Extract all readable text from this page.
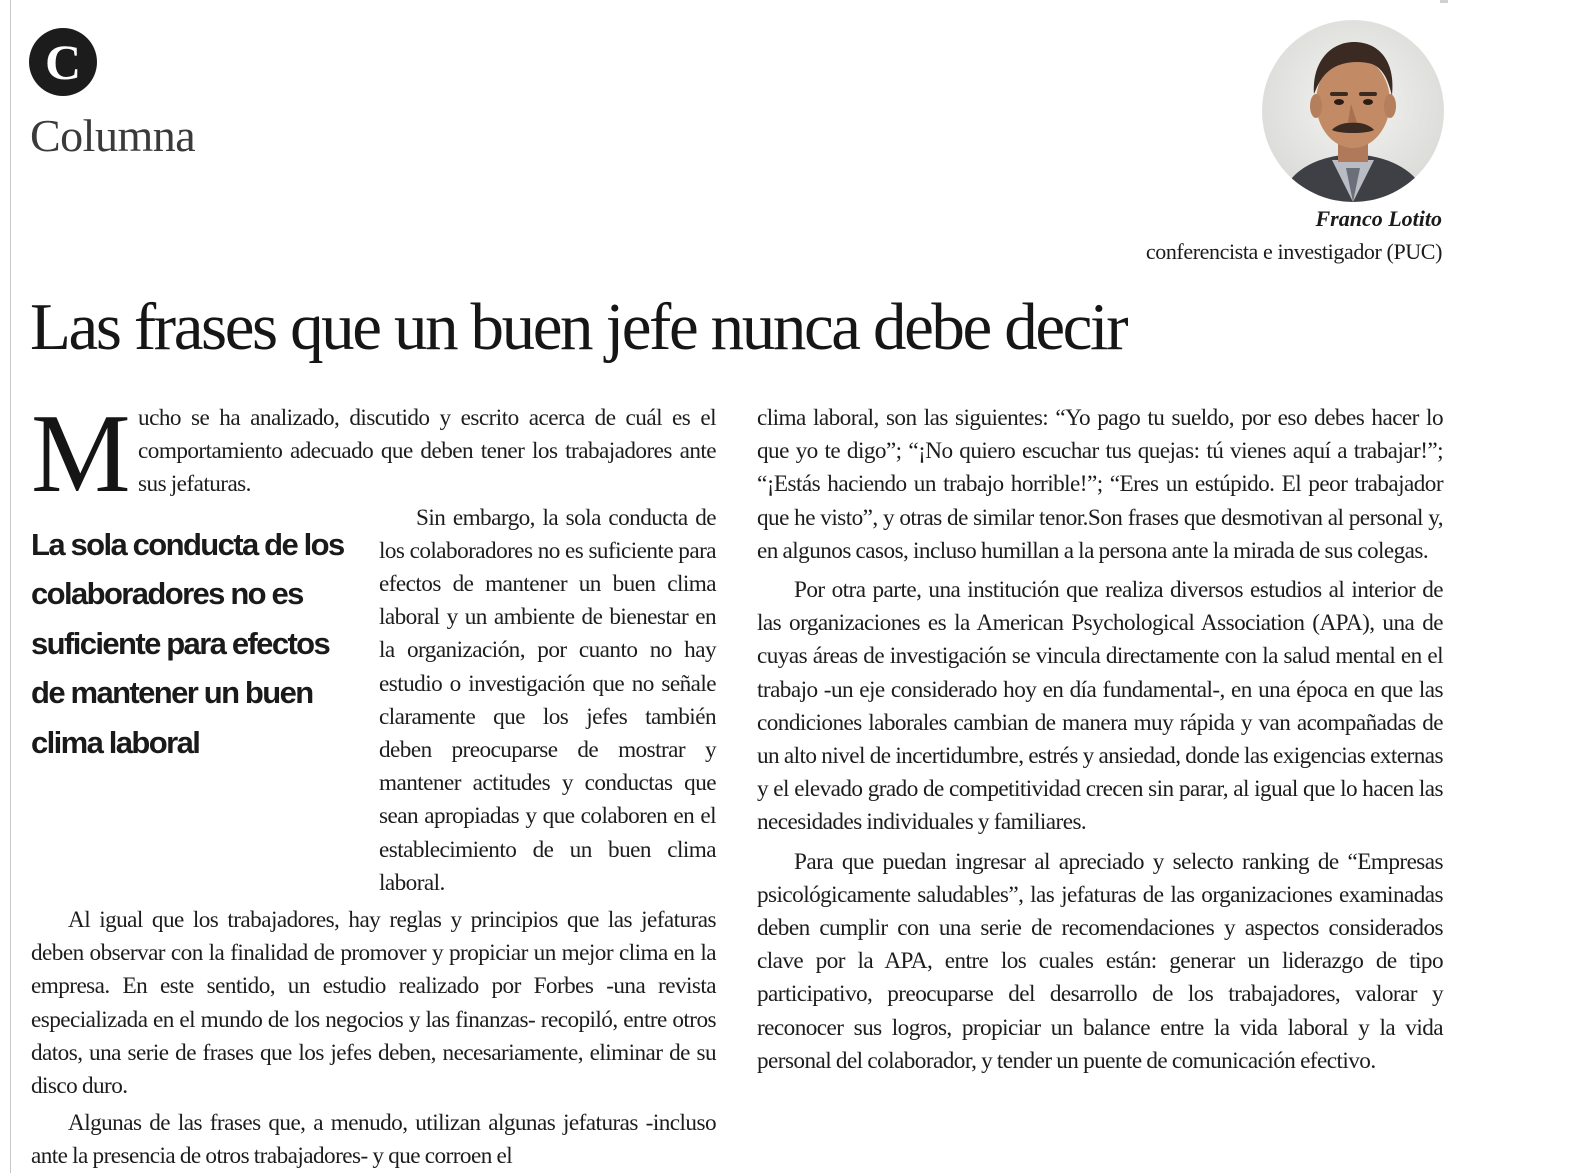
C
Columna
Franco Lotito
conferencista e investigador (PUC)
Las frases que un buen jefe nunca debe decir
M ucho se ha analizado, discutido y escrito acerca de cuál es el comportamiento adecuado que deben tener los trabajadores ante sus jefaturas.

La sola conducta de los colaboradores no es suficiente para efectos de mantener un buen clima laboral

Sin embargo, la sola conducta de los colaboradores no es suficiente para efectos de mantener un buen clima laboral y un ambiente de bienestar en la organización, por cuanto no hay estudio o investigación que no señale claramente que los jefes también deben preocuparse de mostrar y mantener actitudes y conductas que sean apropiadas y que colaboren en el establecimiento de un buen clima laboral.

Al igual que los trabajadores, hay reglas y principios que las jefaturas deben observar con la finalidad de promover y propiciar un mejor clima en la empresa. En este sentido, un estudio realizado por Forbes -una revista especializada en el mundo de los negocios y las finanzas- recopiló, entre otros datos, una serie de frases que los jefes deben, necesariamente, eliminar de su disco duro.

Algunas de las frases que, a menudo, utilizan algunas jefaturas -incluso ante la presencia de otros trabajadores- y que corroen el

clima laboral, son las siguientes: “Yo pago tu sueldo, por eso debes hacer lo que yo te digo”; “¡No quiero escuchar tus quejas: tú vienes aquí a trabajar!”; “¡Estás haciendo un trabajo horrible!”; “Eres un estúpido. El peor trabajador que he visto”, y otras de similar tenor.Son frases que desmotivan al personal y, en algunos casos, incluso humillan a la persona ante la mirada de sus colegas.

Por otra parte, una institución que realiza diversos estudios al interior de las organizaciones es la American Psychological Association (APA), una de cuyas áreas de investigación se vincula directamente con la salud mental en el trabajo -un eje considerado hoy en día fundamental-, en una época en que las condiciones laborales cambian de manera muy rápida y van acompañadas de un alto nivel de incertidumbre, estrés y ansiedad, donde las exigencias externas y el elevado grado de competitividad crecen sin parar, al igual que lo hacen las necesidades individuales y familiares.

Para que puedan ingresar al apreciado y selecto ranking de “Empresas psicológicamente saludables”, las jefaturas de las organizaciones examinadas deben cumplir con una serie de recomendaciones y aspectos considerados clave por la APA, entre los cuales están: generar un liderazgo de tipo participativo, preocuparse del desarrollo de los trabajadores, valorar y reconocer sus logros, propiciar un balance entre la vida laboral y la vida personal del colaborador, y tender un puente de comunicación efectivo.
